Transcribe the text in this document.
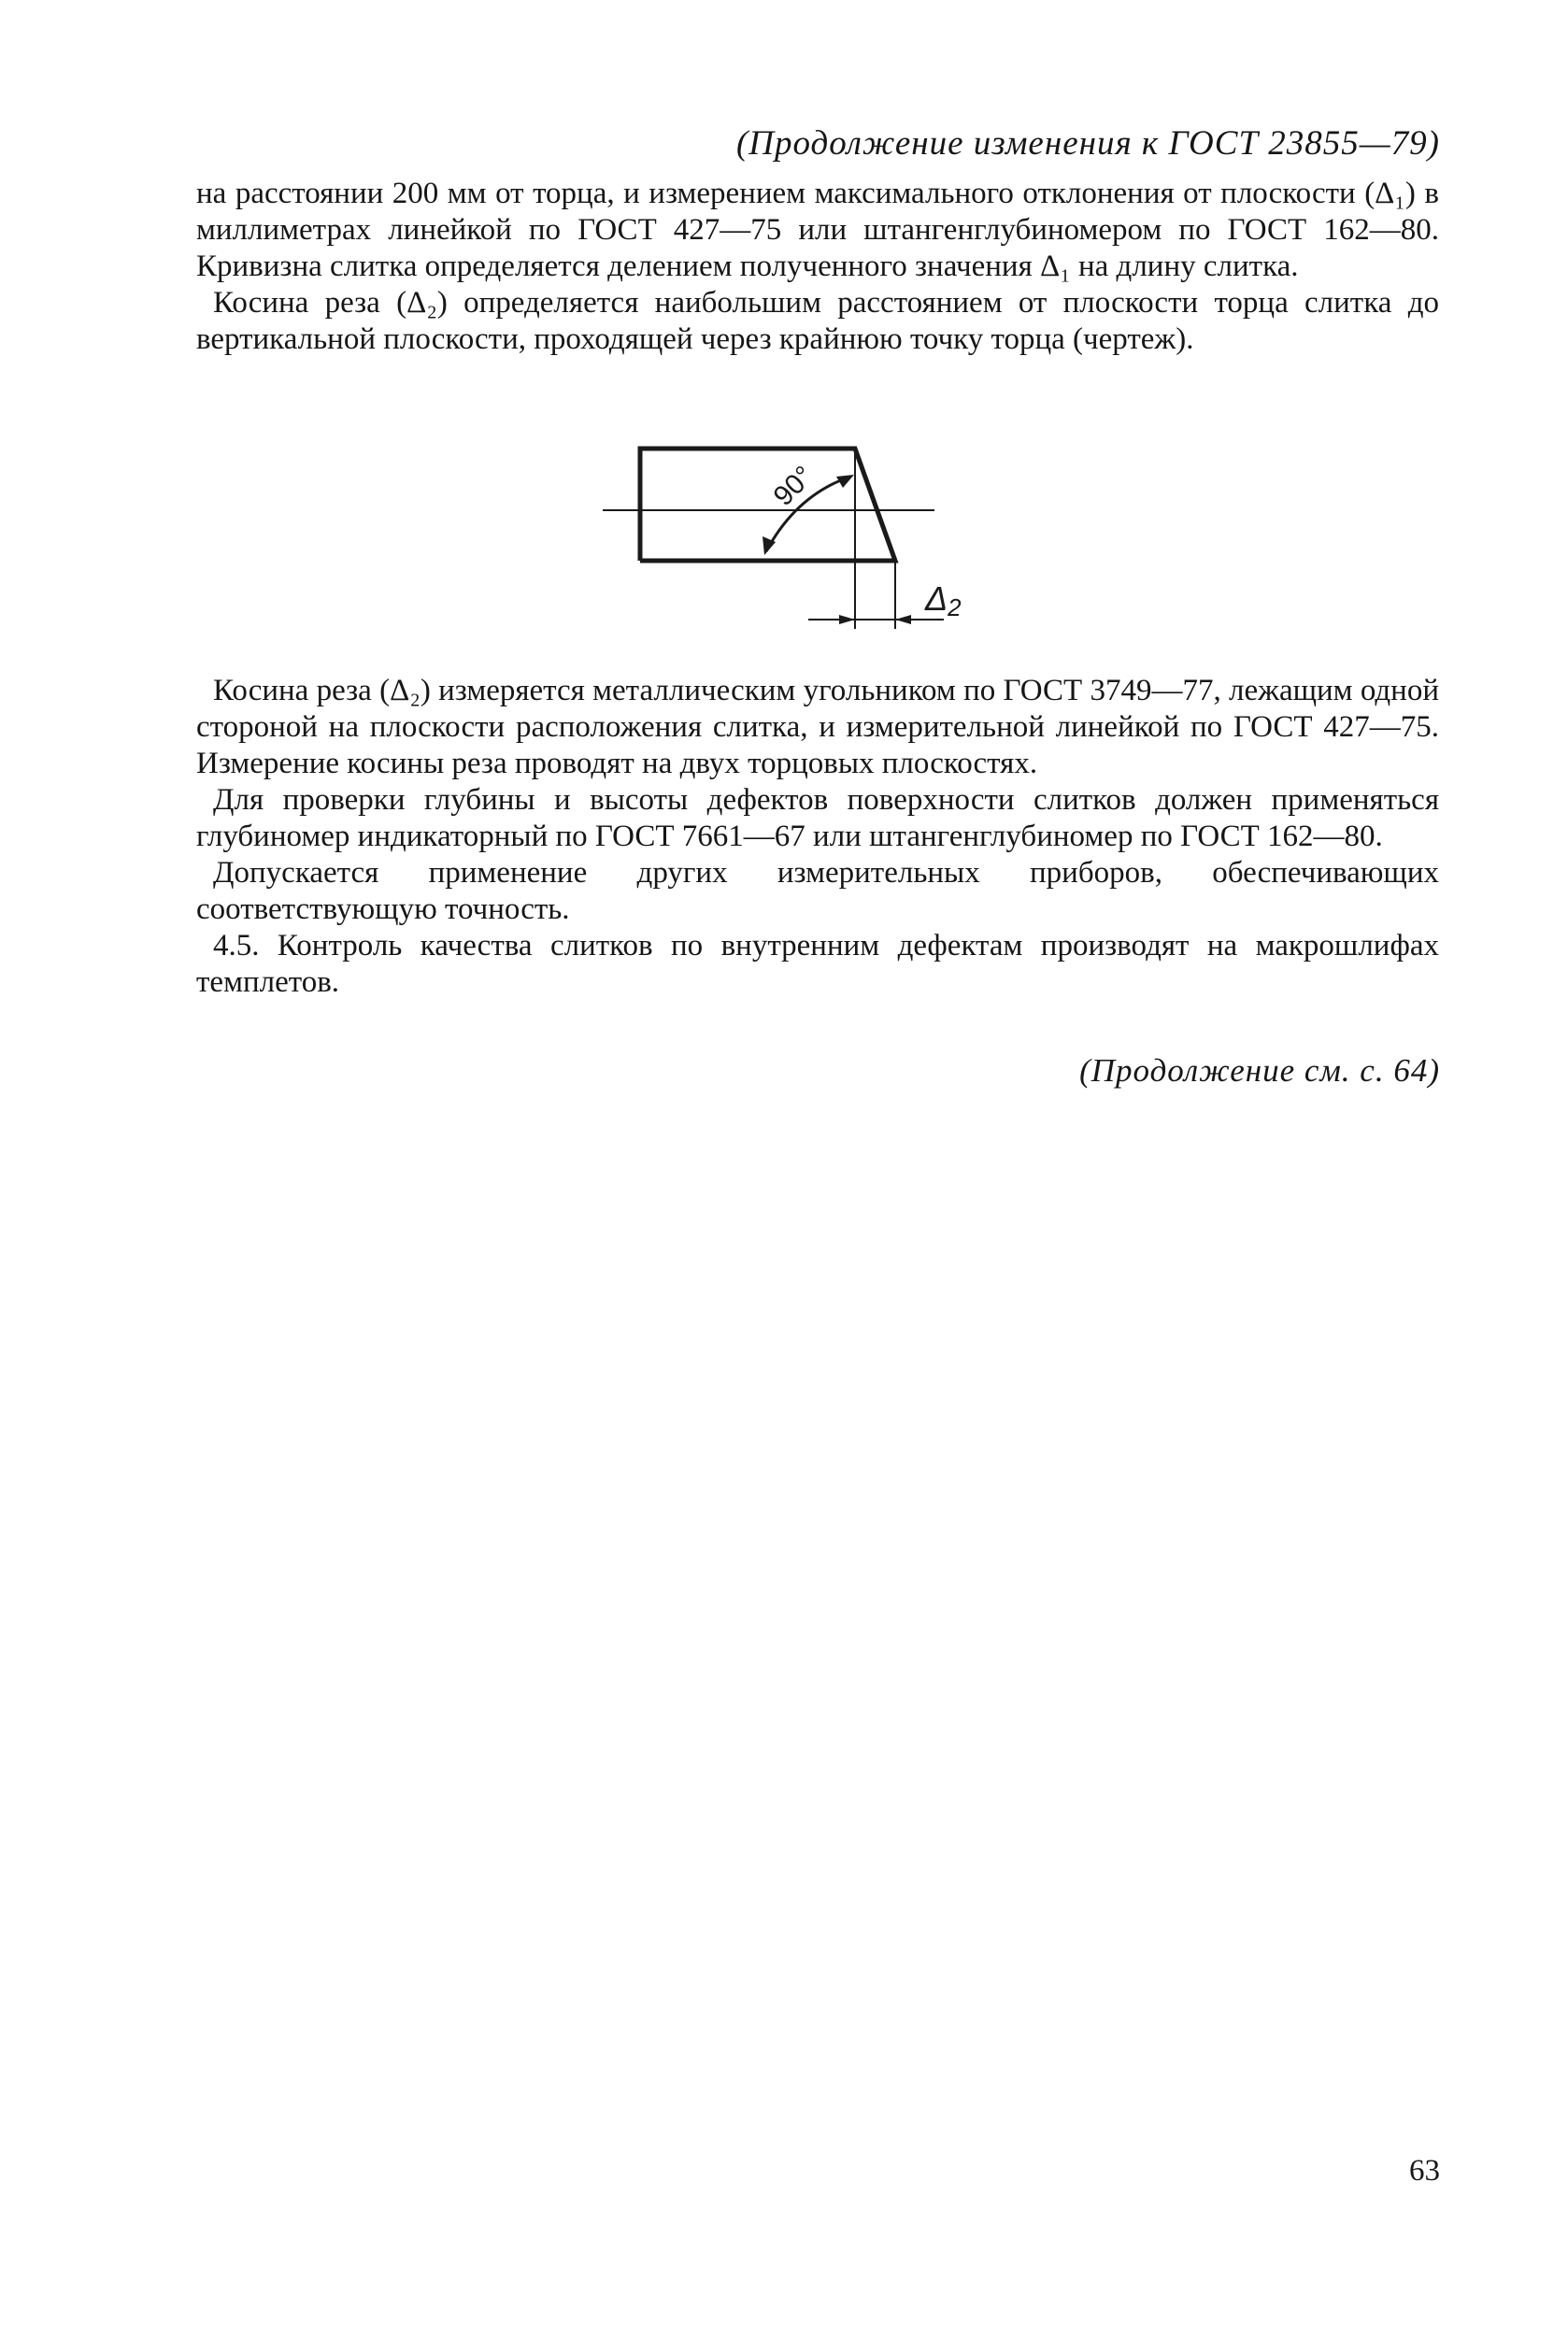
(Продолжение изменения к ГОСТ 23855—79)

на расстоянии 200 мм от торца, и измерением максимального отклонения от плоскости (Δ₁) в миллиметрах линейкой по ГОСТ 427—75 или штангенглубиномером по ГОСТ 162—80. Кривизна слитка определяется делением полученного значения Δ₁ на длину слитка.

Косина реза (Δ₂) определяется наибольшим расстоянием от плоскости торца слитка до вертикальной плоскости, проходящей через крайнюю точку торца (чертеж).

90°
Δ2

Косина реза (Δ₂) измеряется металлическим угольником по ГОСТ 3749—77, лежащим одной стороной на плоскости расположения слитка, и измерительной линейкой по ГОСТ 427—75. Измерение косины реза проводят на двух торцовых плоскостях.

Для проверки глубины и высоты дефектов поверхности слитков должен применяться глубиномер индикаторный по ГОСТ 7661—67 или штангенглубиномер по ГОСТ 162—80.

Допускается применение других измерительных приборов, обеспечивающих соответствующую точность.

4.5. Контроль качества слитков по внутренним дефектам производят на макрошлифах темплетов.

(Продолжение см. с. 64)
63
